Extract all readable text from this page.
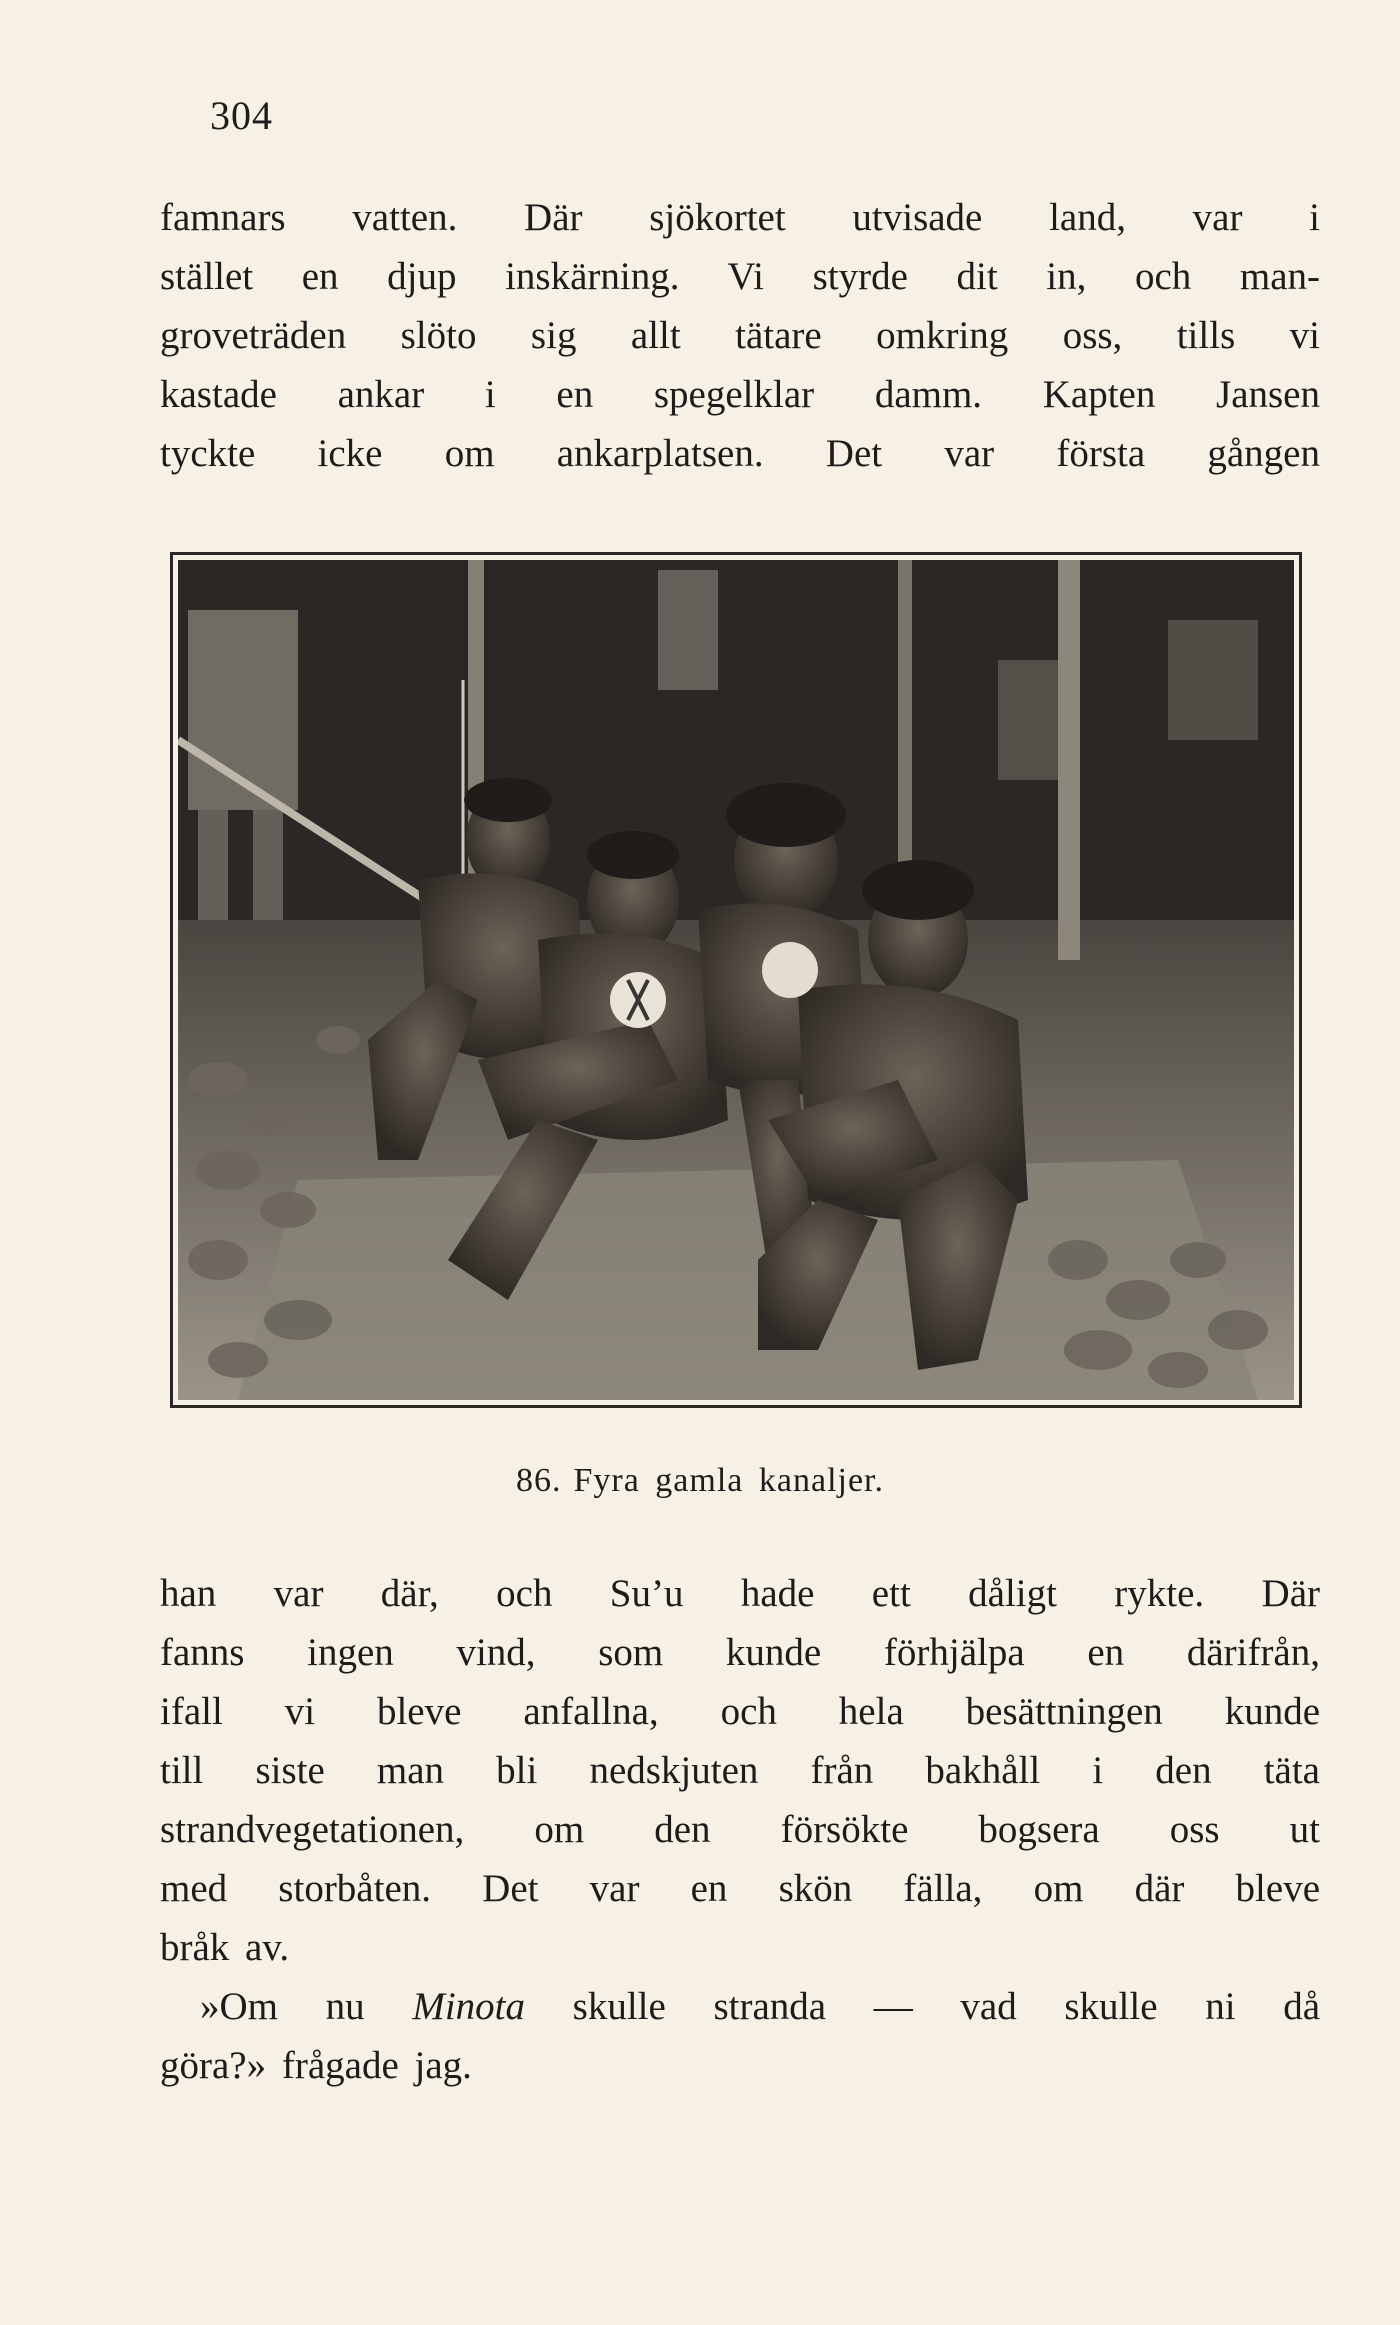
304
famnars vatten. Där sjökortet utvisade land, var i
stället en djup inskärning. Vi styrde dit in, och man-
groveträden slöto sig allt tätare omkring oss, tills vi
kastade ankar i en spegelklar damm. Kapten Jansen
tyckte icke om ankarplatsen. Det var första gången
86. Fyra gamla kanaljer.
han var där, och Su’u hade ett dåligt rykte. Där
fanns ingen vind, som kunde förhjälpa en därifrån,
ifall vi bleve anfallna, och hela besättningen kunde
till siste man bli nedskjuten från bakhåll i den täta
strandvegetationen, om den försökte bogsera oss ut
med storbåten. Det var en skön fälla, om där bleve
bråk av.
»Om nu Minota skulle stranda — vad skulle ni då
göra?» frågade jag.
